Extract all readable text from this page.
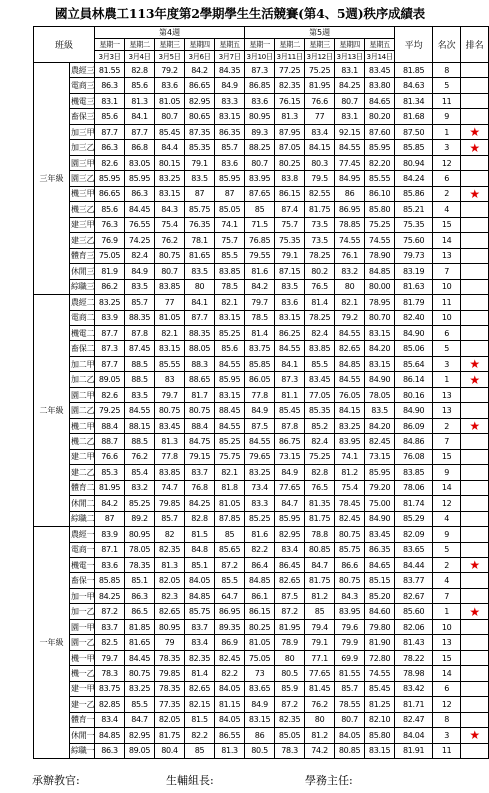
國立員林農工113年度第2學期學生生活競賽(第4、5週)秩序成績表
班級		第4週					第5週					平均	名次	排名
		星期一	星期二	星期三	星期四	星期五	星期一	星期二	星期三	星期四	星期五			
		3月3日	3月4日	3月5日	3月6日	3月7日	3月10日	3月11日	3月12日	3月13日	3月14日			
三年級	農經三	81.55	82.8	79.2	84.2	84.35	87.3	77.25	75.25	83.1	83.45	81.85	8	
	電商三	86.3	85.6	83.6	86.65	84.9	86.85	82.35	81.95	84.25	83.80	84.63	5	
	機電三	83.1	81.3	81.05	82.95	83.3	83.6	76.15	76.6	80.7	84.65	81.34	11	
	畜保三	85.6	84.1	80.7	80.65	83.15	80.95	81.3	77	83.1	80.20	81.68	9	
	加三甲	87.7	87.7	85.45	87.35	86.35	89.3	87.95	83.4	92.15	87.60	87.50	1	★
	加三乙	86.3	86.8	84.4	85.35	85.7	88.25	87.05	84.15	84.55	85.95	85.85	3	★
	園三甲	82.6	83.05	80.15	79.1	83.6	80.7	80.25	80.3	77.45	82.20	80.94	12	
	園三乙	85.95	85.95	83.25	83.5	85.95	83.95	83.8	79.5	84.95	85.55	84.24	6	
	機三甲	86.65	86.3	83.15	87	87	87.65	86.15	82.55	86	86.10	85.86	2	★
	機三乙	85.6	84.45	84.3	85.75	85.05	85	87.4	81.75	86.95	85.80	85.21	4	
	建三甲	76.3	76.55	75.4	76.35	74.1	71.5	75.7	73.5	78.85	75.25	75.35	15	
	建三乙	76.9	74.25	76.2	78.1	75.7	76.85	75.35	73.5	74.55	74.55	75.60	14	
	體育三	75.05	82.4	80.75	81.65	85.5	79.55	79.1	78.25	76.1	78.90	79.73	13	
	休閒三	81.9	84.9	80.7	83.5	83.85	81.6	87.15	80.2	83.2	84.85	83.19	7	
	綜職三	86.2	83.5	83.85	80	78.5	84.2	83.5	76.5	80	80.00	81.63	10	
二年級	農經二	83.25	85.7	77	84.1	82.1	79.7	83.6	81.4	82.1	78.95	81.79	11	
	電商二	83.9	88.35	81.05	87.7	83.15	78.5	83.15	78.25	79.2	80.70	82.40	10	
	機電二	87.7	87.8	82.1	88.35	85.25	81.4	86.25	82.4	84.55	83.15	84.90	6	
	畜保二	87.3	87.45	83.15	88.05	85.6	83.75	84.55	83.85	82.65	84.20	85.06	5	
	加二甲	87.7	88.5	85.55	88.3	84.55	85.85	84.1	85.5	84.85	83.15	85.64	3	★
	加二乙	89.05	88.5	83	88.65	85.95	86.05	87.3	83.45	84.55	84.90	86.14	1	★
	園二甲	82.6	83.5	79.7	81.7	83.15	77.8	81.1	77.05	76.05	78.05	80.16	13	
	園二乙	79.25	84.55	80.75	80.75	88.45	84.9	85.45	85.35	84.15	83.5	84.90	13	
	機二甲	88.4	88.15	83.45	88.4	84.55	87.5	87.8	85.2	83.25	84.20	86.09	2	★
	機二乙	88.7	88.5	81.3	84.75	85.25	84.55	86.75	82.4	83.95	82.45	84.86	7	
	建二甲	76.6	76.2	77.8	79.15	75.75	79.65	73.15	75.25	74.1	73.15	76.08	15	
	建二乙	85.3	85.4	83.85	83.7	82.1	83.25	84.9	82.8	81.2	85.95	83.85	9	
	體育二	81.95	83.2	74.7	76.8	81.8	73.4	77.65	76.5	75.4	79.20	78.06	14	
	休閒二	84.2	85.25	79.85	84.25	81.05	83.3	84.7	81.35	78.45	75.00	81.74	12	
	綜職二	87	89.2	85.7	82.8	87.85	85.25	85.95	81.75	82.45	84.90	85.29	4	
一年級	農經一	83.9	80.95	82	81.5	85	81.6	82.95	78.8	80.75	83.45	82.09	9	
	電商一	87.1	78.05	82.35	84.8	85.65	82.2	83.4	80.85	85.75	86.35	83.65	5	
	機電一	83.6	78.35	81.3	85.1	87.2	86.4	86.45	84.7	86.6	84.65	84.44	2	★
	畜保一	85.85	85.1	82.05	84.05	85.5	84.85	82.65	81.75	80.75	85.15	83.77	4	
	加一甲	84.25	86.3	82.3	84.85	64.7	86.1	87.5	81.2	84.3	85.20	82.67	7	
	加一乙	87.2	86.5	82.65	85.75	86.95	86.15	87.2	85	83.95	84.60	85.60	1	★
	園一甲	83.7	81.85	80.95	83.7	89.35	80.25	81.95	79.4	79.6	79.80	82.06	10	
	園一乙	82.5	81.65	79	83.4	86.9	81.05	78.9	79.1	79.9	81.90	81.43	13	
	機一甲	79.7	84.45	78.35	82.35	82.45	75.05	80	77.1	69.9	72.80	78.22	15	
	機一乙	78.3	80.75	79.85	81.4	82.2	73	80.5	77.65	81.55	74.55	78.98	14	
	建一甲	83.75	83.25	78.35	82.65	84.05	83.65	85.9	81.45	85.7	85.45	83.42	6	
	建一乙	82.85	85.5	77.35	82.15	81.15	84.9	87.2	76.2	78.55	81.25	81.71	12	
	體育一	83.4	84.7	82.05	81.5	84.05	83.15	82.35	80	80.7	82.10	82.47	8	
	休閒一	84.85	82.95	81.75	82.2	86.55	86	85.05	81.2	84.05	85.80	84.04	3	★
	綜職一	86.3	89.05	80.4	85	81.3	80.5	78.3	74.2	80.85	83.15	81.91	11	
承辦教官:	生輔組長:	學務主任:
